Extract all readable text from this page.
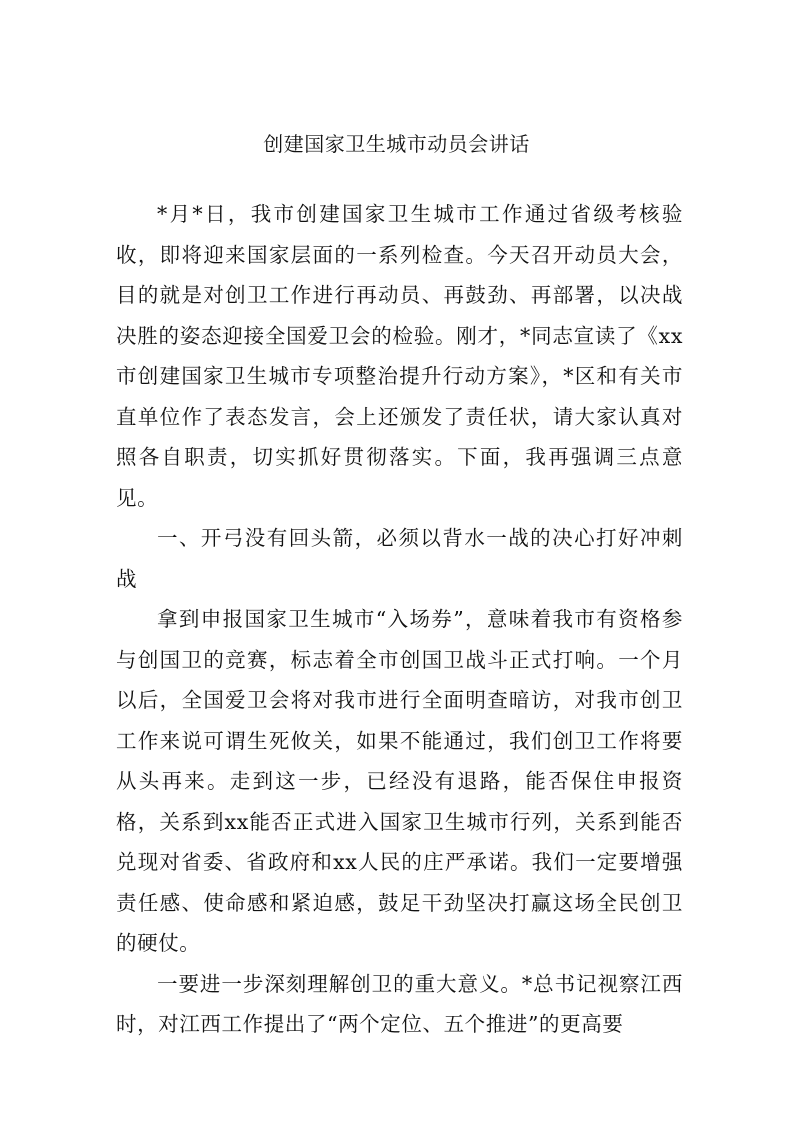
创建国家卫生城市动员会讲话

*月*日，我市创建国家卫生城市工作通过省级考核验收，即将迎来国家层面的一系列检查。今天召开动员大会，目的就是对创卫工作进行再动员、再鼓劲、再部署，以决战决胜的姿态迎接全国爱卫会的检验。刚才，*同志宣读了《xx市创建国家卫生城市专项整治提升行动方案》，*区和有关市直单位作了表态发言，会上还颁发了责任状，请大家认真对照各自职责，切实抓好贯彻落实。下面，我再强调三点意见。

一、开弓没有回头箭，必须以背水一战的决心打好冲刺战

拿到申报国家卫生城市“入场券”，意味着我市有资格参与创国卫的竞赛，标志着全市创国卫战斗正式打响。一个月以后，全国爱卫会将对我市进行全面明查暗访，对我市创卫工作来说可谓生死攸关，如果不能通过，我们创卫工作将要从头再来。走到这一步，已经没有退路，能否保住申报资格，关系到xx能否正式进入国家卫生城市行列，关系到能否兑现对省委、省政府和xx人民的庄严承诺。我们一定要增强责任感、使命感和紧迫感，鼓足干劲坚决打赢这场全民创卫的硬仗。

一要进一步深刻理解创卫的重大意义。*总书记视察江西时，对江西工作提出了“两个定位、五个推进”的更高要
